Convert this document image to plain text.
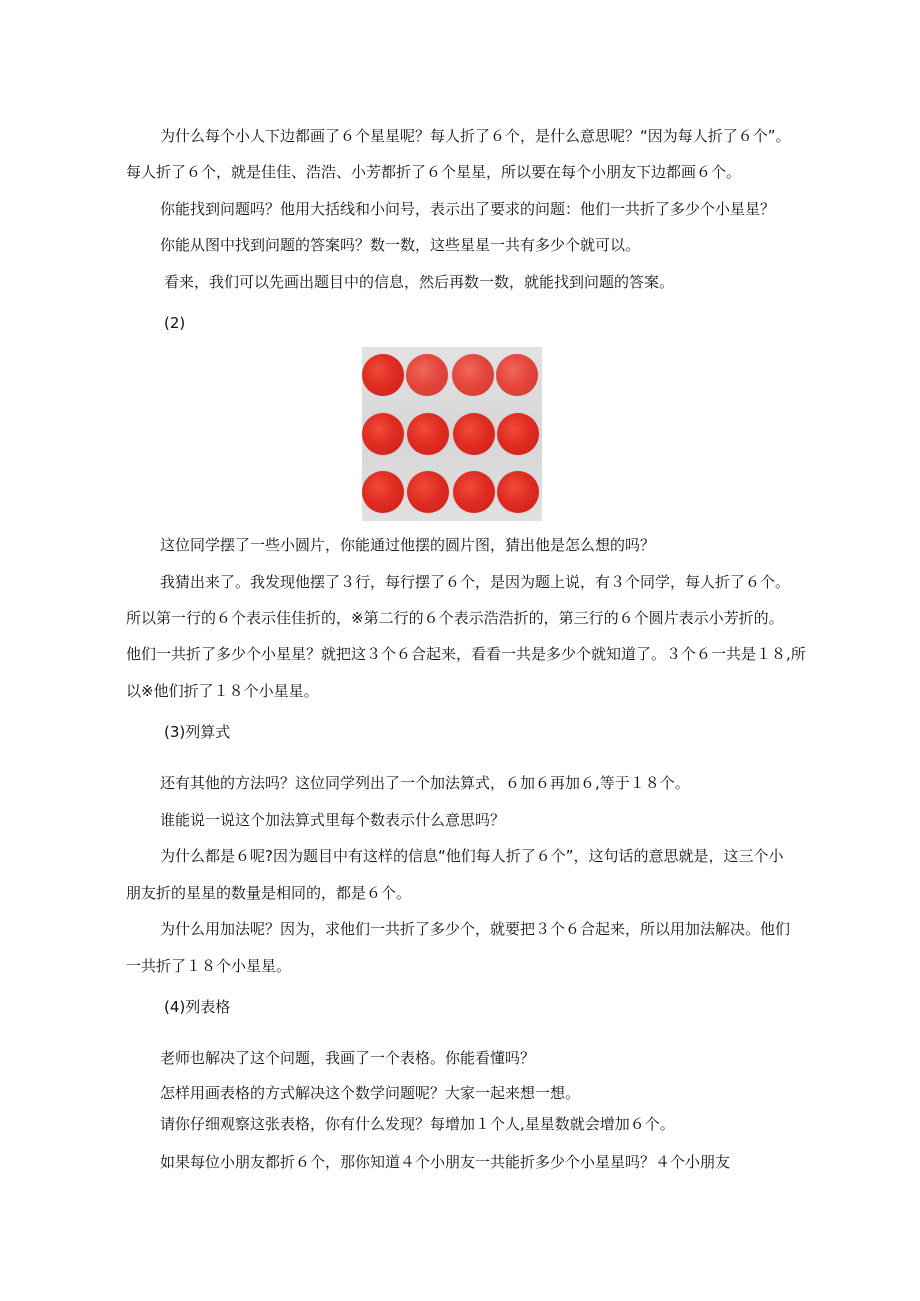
为什么每个小人下边都画了６个星星呢？每人折了６个，是什么意思呢？“因为每人折了６个”。
每人折了６个，就是佳佳、浩浩、小芳都折了６个星星，所以要在每个小朋友下边都画６个。
你能找到问题吗？他用大括线和小问号，表示出了要求的问题：他们一共折了多少个小星星？
你能从图中找到问题的答案吗？数一数，这些星星一共有多少个就可以。
看来，我们可以先画出题目中的信息，然后再数一数，就能找到问题的答案。
(2)
这位同学摆了一些小圆片，你能通过他摆的圆片图，猜出他是怎么想的吗？
我猜出来了。我发现他摆了３行，每行摆了６个，是因为题上说，有３个同学，每人折了６个。
所以第一行的６个表示佳佳折的，※第二行的６个表示浩浩折的，第三行的６个圆片表示小芳折的。
他们一共折了多少个小星星？就把这３个６合起来，看看一共是多少个就知道了。３个６一共是１８,所
以※他们折了１８个小星星。
(3)列算式
还有其他的方法吗？这位同学列出了一个加法算式，６加６再加６,等于１８个。
谁能说一说这个加法算式里每个数表示什么意思吗？
为什么都是６呢?因为题目中有这样的信息“他们每人折了６个”，这句话的意思就是，这三个小
朋友折的星星的数量是相同的，都是６个。
为什么用加法呢？因为，求他们一共折了多少个，就要把３个６合起来，所以用加法解决。他们
一共折了１８个小星星。
(4)列表格
老师也解决了这个问题，我画了一个表格。你能看懂吗？
怎样用画表格的方式解决这个数学问题呢？大家一起来想一想。
请你仔细观察这张表格，你有什么发现？每增加１个人,星星数就会增加６个。
如果每位小朋友都折６个，那你知道４个小朋友一共能折多少个小星星吗？４个小朋友
